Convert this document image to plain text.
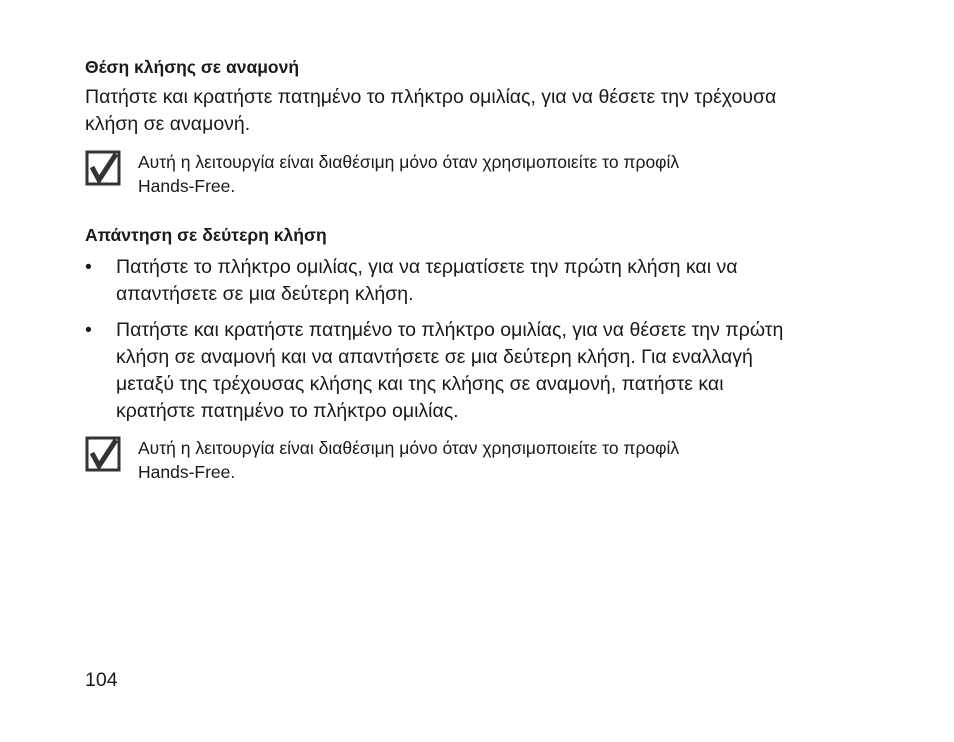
Θέση κλήσης σε αναμονή

Πατήστε και κρατήστε πατημένο το πλήκτρο ομιλίας, για να θέσετε την τρέχουσα
κλήση σε αναμονή.

Αυτή η λειτουργία είναι διαθέσιμη μόνο όταν χρησιμοποιείτε το προφίλ
Hands-Free.
Απάντηση σε δεύτερη κλήση
•	Πατήστε το πλήκτρο ομιλίας, για να τερματίσετε την πρώτη κλήση και να
απαντήσετε σε μια δεύτερη κλήση.
•	Πατήστε και κρατήστε πατημένο το πλήκτρο ομιλίας, για να θέσετε την πρώτη
κλήση σε αναμονή και να απαντήσετε σε μια δεύτερη κλήση. Για εναλλαγή
μεταξύ της τρέχουσας κλήσης και της κλήσης σε αναμονή, πατήστε και
κρατήστε πατημένο το πλήκτρο ομιλίας.
Αυτή η λειτουργία είναι διαθέσιμη μόνο όταν χρησιμοποιείτε το προφίλ
Hands-Free.
104
